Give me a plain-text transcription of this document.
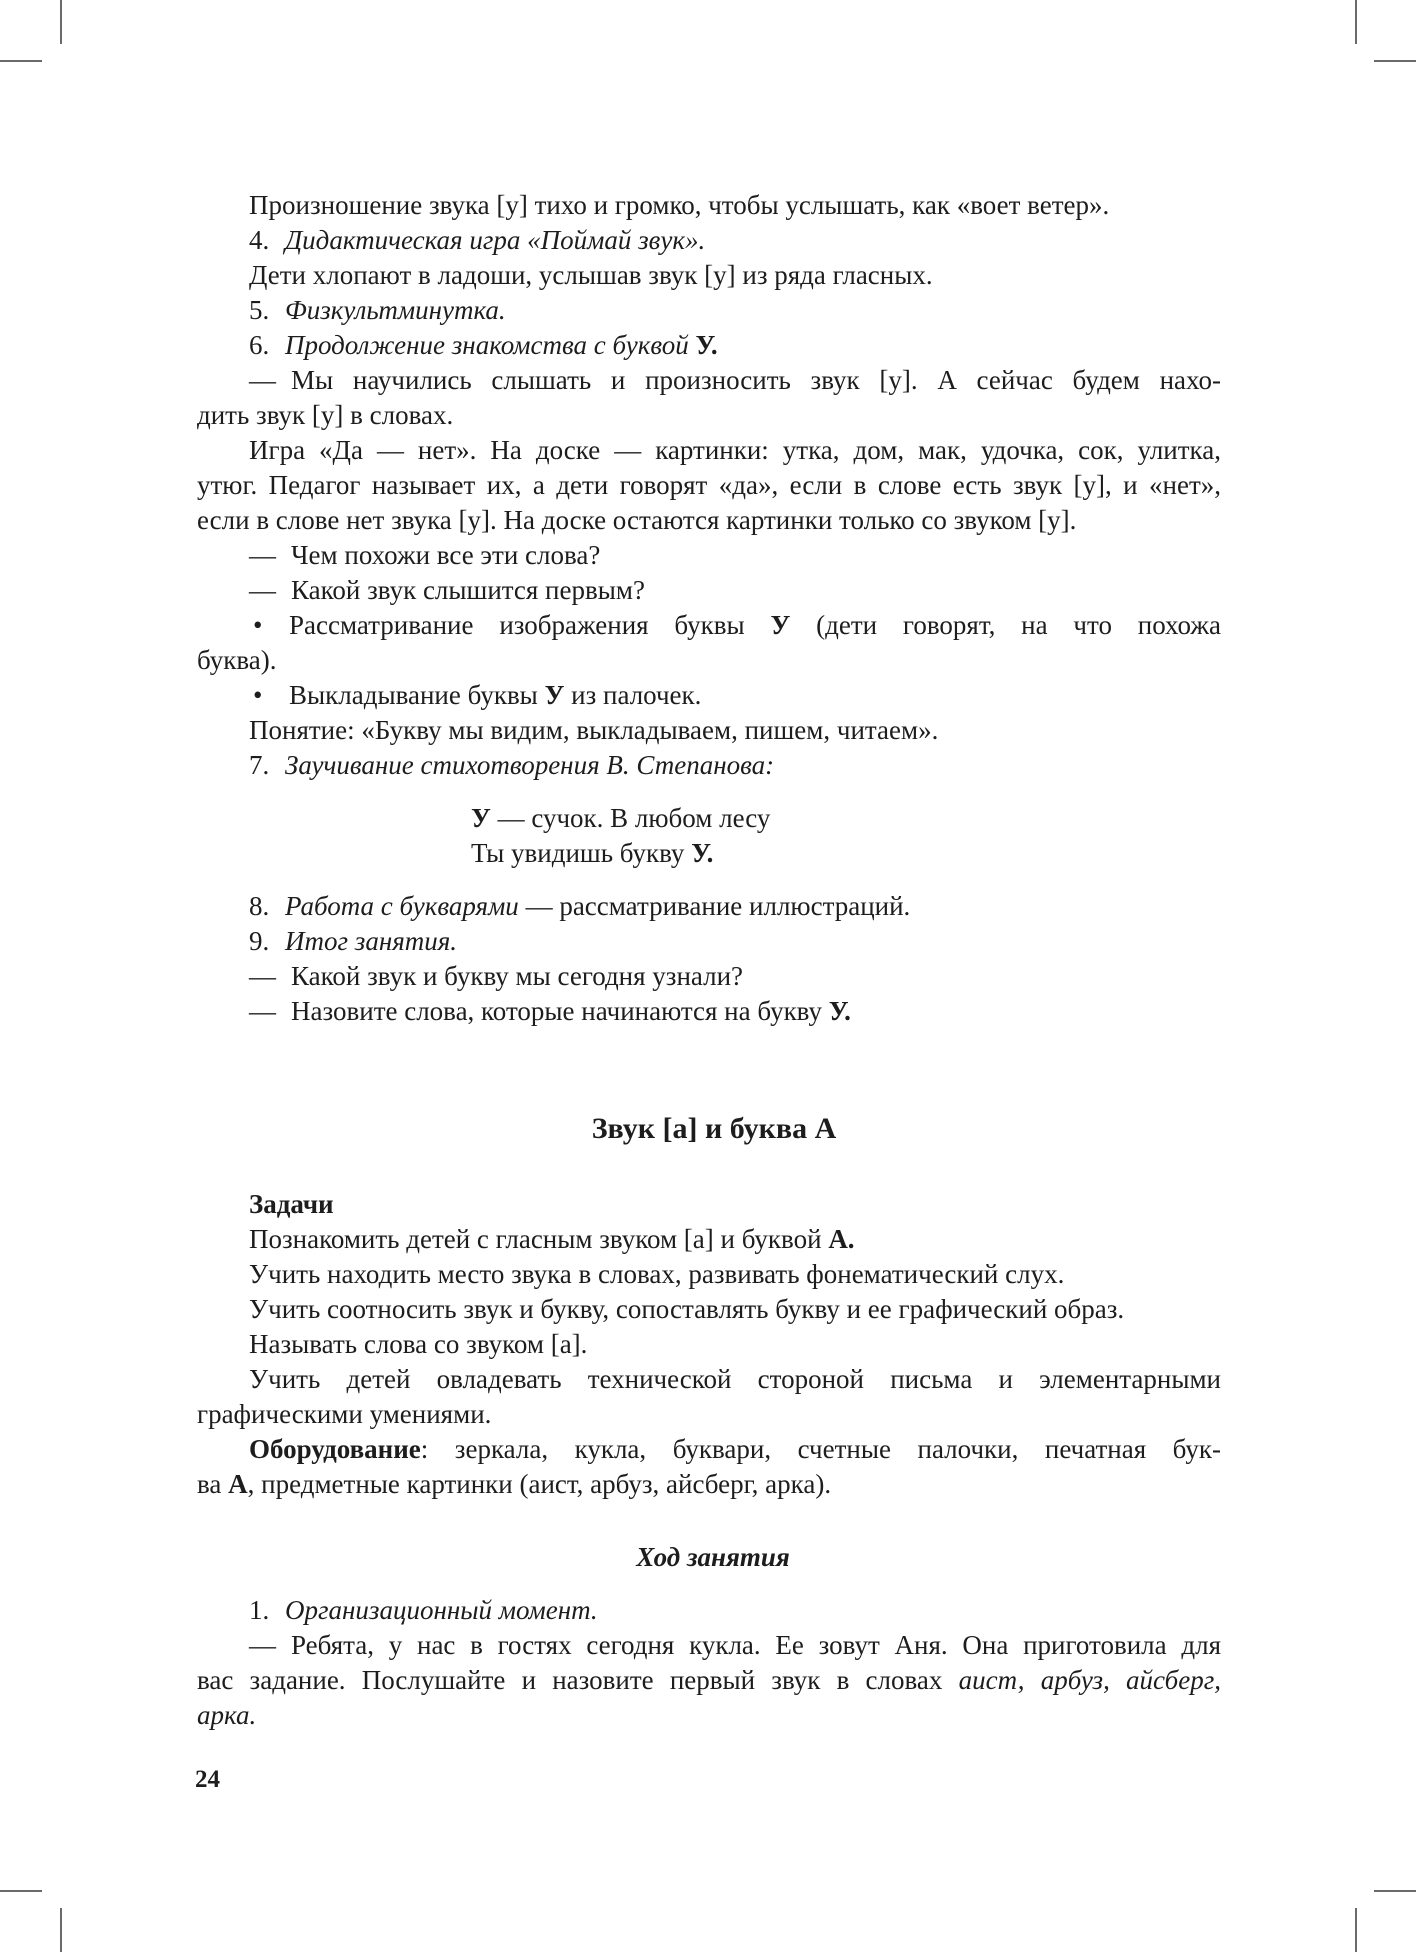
Произношение звука [у] тихо и громко, чтобы услышать, как «воет ветер».
4. Дидактическая игра «Поймай звук».
Дети хлопают в ладоши, услышав звук [у] из ряда гласных.
5. Физкультминутка.
6. Продолжение знакомства с буквой У.
— Мы научились слышать и произносить звук [у]. А сейчас будем нахо-
дить звук [у] в словах.
Игра «Да — нет». На доске — картинки: утка, дом, мак, удочка, сок, улитка,
утюг. Педагог называет их, а дети говорят «да», если в слове есть звук [у], и «нет»,
если в слове нет звука [у]. На доске остаются картинки только со звуком [у].
— Чем похожи все эти слова?
— Какой звук слышится первым?
• Рассматривание изображения буквы У (дети говорят, на что похожа
буква).
• Выкладывание буквы У из палочек.
Понятие: «Букву мы видим, выкладываем, пишем, читаем».
7. Заучивание стихотворения В. Степанова:
У — сучок. В любом лесу
Ты увидишь букву У.
8. Работа с букварями — рассматривание иллюстраций.
9. Итог занятия.
— Какой звук и букву мы сегодня узнали?
— Назовите слова, которые начинаются на букву У.
Звук [а] и буква А
Задачи
Познакомить детей с гласным звуком [а] и буквой А.
Учить находить место звука в словах, развивать фонематический слух.
Учить соотносить звук и букву, сопоставлять букву и ее графический образ.
Называть слова со звуком [а].
Учить детей овладевать технической стороной письма и элементарными
графическими умениями.
Оборудование: зеркала, кукла, буквари, счетные палочки, печатная бук-
ва А, предметные картинки (аист, арбуз, айсберг, арка).
Ход занятия
1. Организационный момент.
— Ребята, у нас в гостях сегодня кукла. Ее зовут Аня. Она приготовила для
вас задание. Послушайте и назовите первый звук в словах аист, арбуз, айсберг,
арка.
24
